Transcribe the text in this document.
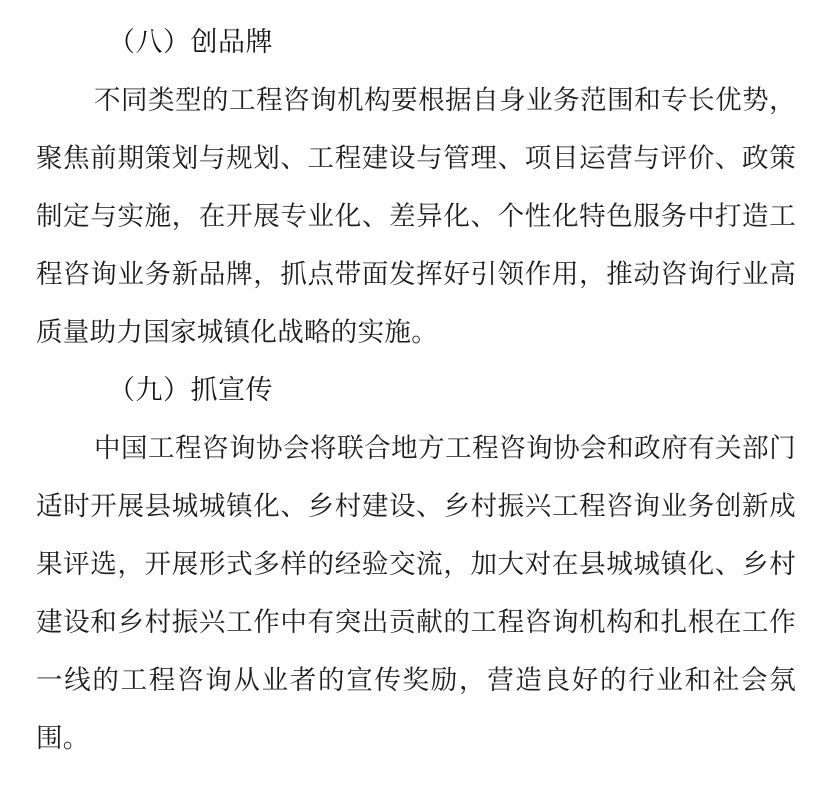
（八）创品牌

不同类型的工程咨询机构要根据自身业务范围和专长优势，聚焦前期策划与规划、工程建设与管理、项目运营与评价、政策制定与实施，在开展专业化、差异化、个性化特色服务中打造工程咨询业务新品牌，抓点带面发挥好引领作用，推动咨询行业高质量助力国家城镇化战略的实施。

（九）抓宣传

中国工程咨询协会将联合地方工程咨询协会和政府有关部门适时开展县城城镇化、乡村建设、乡村振兴工程咨询业务创新成果评选，开展形式多样的经验交流，加大对在县城城镇化、乡村建设和乡村振兴工作中有突出贡献的工程咨询机构和扎根在工作一线的工程咨询从业者的宣传奖励，营造良好的行业和社会氛围。
